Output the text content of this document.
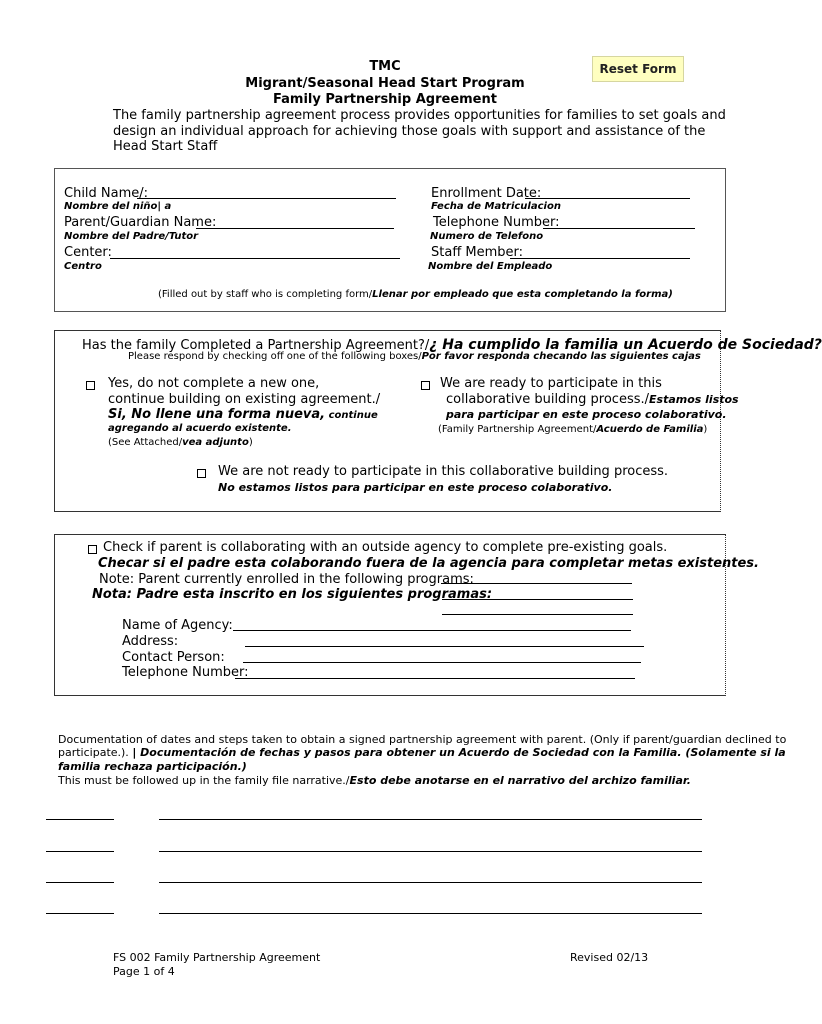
TMC
Migrant/Seasonal Head Start Program
Family Partnership Agreement
Reset Form
The family partnership agreement process provides opportunities for families to set goals and
design an individual approach for achieving those goals with support and assistance of the
Head Start Staff
Child Name/:
Nombre del niño| a
Parent/Guardian Name:
Nombre del Padre/Tutor
Center:
Centro
Enrollment Date:
Fecha de Matriculacion
Telephone Number:
Numero de Telefono
Staff Member:
Nombre del Empleado
(Filled out by staff who is completing form/Llenar por empleado que esta completando la forma)
Has the family Completed a Partnership Agreement?/¿ Ha cumplido la familia un Acuerdo de Sociedad?
Please respond by checking off one of the following boxes/Por favor responda checando las siguientes cajas
Yes, do not complete a new one,
continue building on existing agreement./
Si, No llene una forma nueva, continue
agregando al acuerdo existente.
(See Attached/vea adjunto)
We are ready to participate in this
collaborative building process./Estamos listos
para participar en este proceso colaborativo.
(Family Partnership Agreement/Acuerdo de Familia)
We are not ready to participate in this collaborative building process.
No estamos listos para participar en este proceso colaborativo.
Check if parent is collaborating with an outside agency to complete pre-existing goals.
Checar si el padre esta colaborando fuera de la agencia para completar metas existentes.
Note: Parent currently enrolled in the following programs:
Nota: Padre esta inscrito en los siguientes programas:
Name of Agency:
Address:
Contact Person:
Telephone Number:
Documentation of dates and steps taken to obtain a signed partnership agreement with parent. (Only if parent/guardian declined to
participate.). | Documentación de fechas y pasos para obtener un Acuerdo de Sociedad con la Familia. (Solamente si la
familia rechaza participación.)
This must be followed up in the family file narrative./Esto debe anotarse en el narrativo del archizo familiar.
FS 002 Family Partnership Agreement
Page 1 of 4
Revised 02/13
